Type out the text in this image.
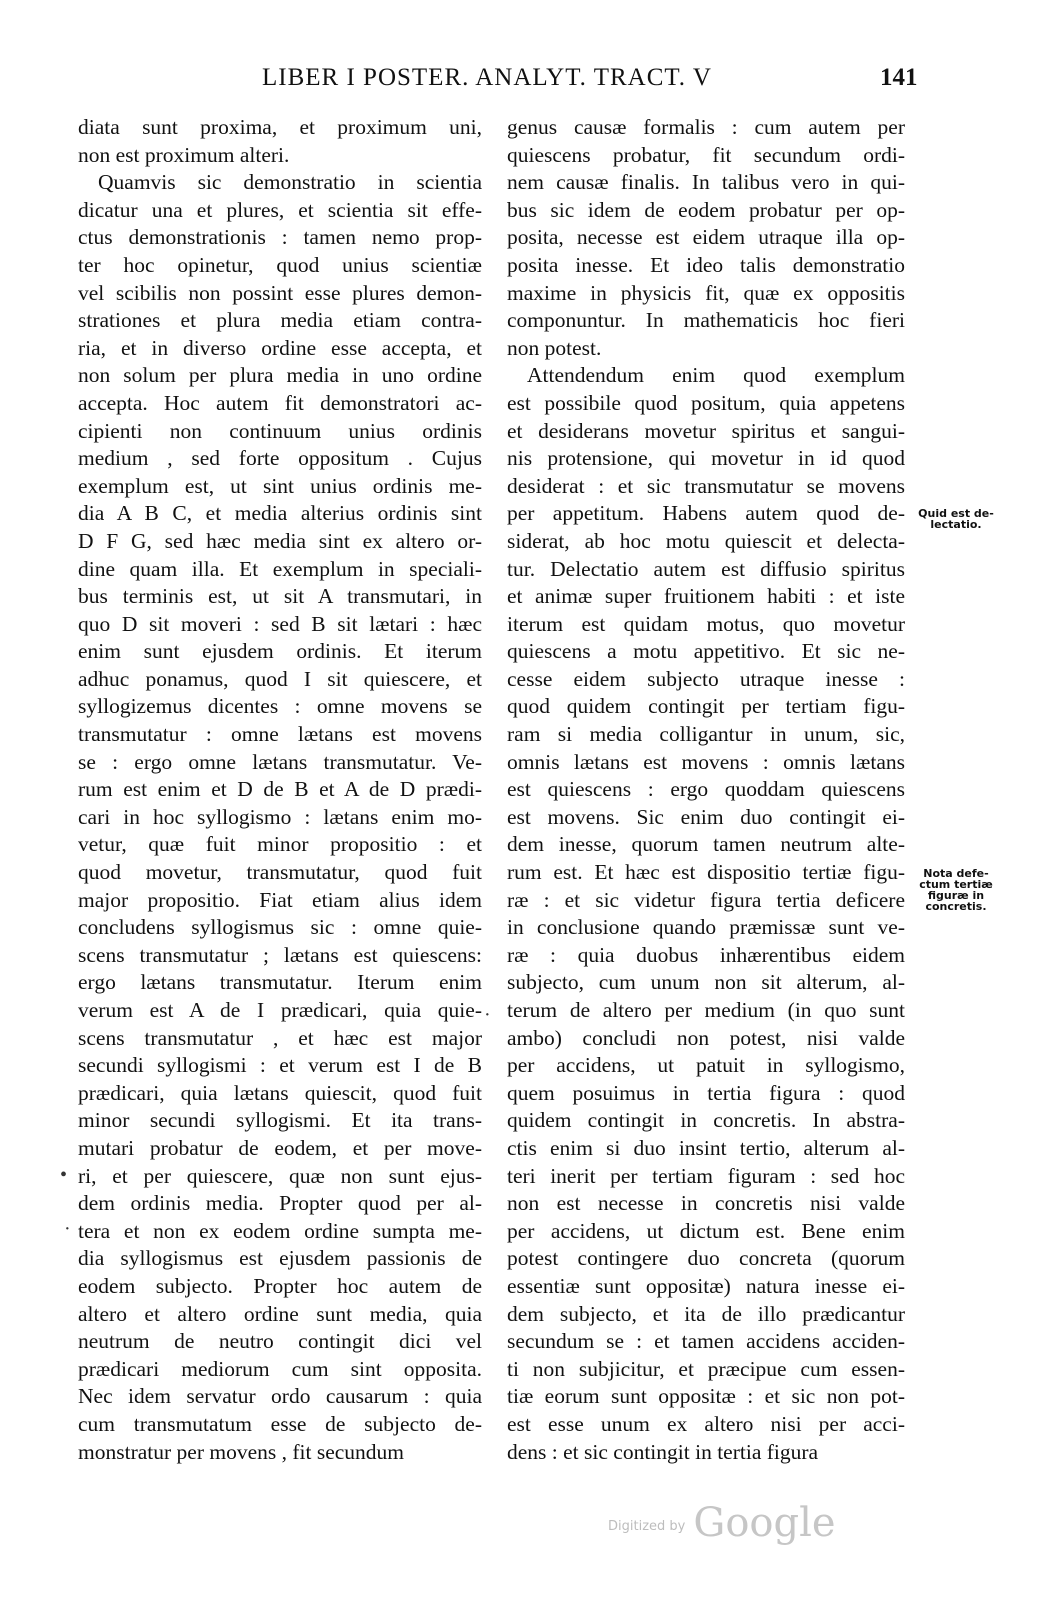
LIBER I POSTER. ANALYT. TRACT. V	141
diata sunt proxima, et proximum uni,
non est proximum alteri.
Quamvis sic demonstratio in scientia
dicatur una et plures, et scientia sit effe-
ctus demonstrationis : tamen nemo prop-
ter hoc opinetur, quod unius scientiæ
vel scibilis non possint esse plures demon-
strationes et plura media etiam contra-
ria, et in diverso ordine esse accepta, et
non solum per plura media in uno ordine
accepta. Hoc autem fit demonstratori ac-
cipienti non continuum unius ordinis
medium , sed forte oppositum . Cujus
exemplum est, ut sint unius ordinis me-
dia A B C, et media alterius ordinis sint
D F G, sed hæc media sint ex altero or-
dine quam illa. Et exemplum in speciali-
bus terminis est, ut sit A transmutari, in
quo D sit moveri : sed B sit lætari : hæc
enim sunt ejusdem ordinis. Et iterum
adhuc ponamus, quod I sit quiescere, et
syllogizemus dicentes : omne movens se
transmutatur : omne lætans est movens
se : ergo omne lætans transmutatur. Ve-
rum est enim et D de B et A de D prædi-
cari in hoc syllogismo : lætans enim mo-
vetur, quæ fuit minor propositio : et
quod movetur, transmutatur, quod fuit
major propositio. Fiat etiam alius idem
concludens syllogismus sic : omne quie-
scens transmutatur ; lætans est quiescens:
ergo lætans transmutatur. Iterum enim
verum est A de I prædicari, quia quie-
scens transmutatur , et hæc est major
secundi syllogismi : et verum est I de B
prædicari, quia lætans quiescit, quod fuit
minor secundi syllogismi. Et ita trans-
mutari probatur de eodem, et per move-
ri, et per quiescere, quæ non sunt ejus-
dem ordinis media. Propter quod per al-
tera et non ex eodem ordine sumpta me-
dia syllogismus est ejusdem passionis de
eodem subjecto. Propter hoc autem de
altero et altero ordine sunt media, quia
neutrum de neutro contingit dici vel
prædicari mediorum cum sint opposita.
Nec idem servatur ordo causarum : quia
cum transmutatum esse de subjecto de-
monstratur per movens , fit secundum
genus causæ formalis : cum autem per
quiescens probatur, fit secundum ordi-
nem causæ finalis. In talibus vero in qui-
bus sic idem de eodem probatur per op-
posita, necesse est eidem utraque illa op-
posita inesse. Et ideo talis demonstratio
maxime in physicis fit, quæ ex oppositis
componuntur. In mathematicis hoc fieri
non potest.
Attendendum enim quod exemplum
est possibile quod positum, quia appetens
et desiderans movetur spiritus et sangui-
nis protensione, qui movetur in id quod
desiderat : et sic transmutatur se movens
per appetitum. Habens autem quod de-
siderat, ab hoc motu quiescit et delecta-
tur. Delectatio autem est diffusio spiritus
et animæ super fruitionem habiti : et iste
iterum est quidam motus, quo movetur
quiescens a motu appetitivo. Et sic ne-
cesse eidem subjecto utraque inesse :
quod quidem contingit per tertiam figu-
ram si media colligantur in unum, sic,
omnis lætans est movens : omnis lætans
est quiescens : ergo quoddam quiescens
est movens. Sic enim duo contingit ei-
dem inesse, quorum tamen neutrum alte-
rum est. Et hæc est dispositio tertiæ figu-
ræ : et sic videtur figura tertia deficere
in conclusione quando præmissæ sunt ve-
ræ : quia duobus inhærentibus eidem
subjecto, cum unum non sit alterum, al-
terum de altero per medium (in quo sunt
ambo) concludi non potest, nisi valde
per accidens, ut patuit in syllogismo,
quem posuimus in tertia figura : quod
quidem contingit in concretis. In abstra-
ctis enim si duo insint tertio, alterum al-
teri inerit per tertiam figuram : sed hoc
non est necesse in concretis nisi valde
per accidens, ut dictum est. Bene enim
potest contingere duo concreta (quorum
essentiæ sunt oppositæ) natura inesse ei-
dem subjecto, et ita de illo prædicantur
secundum se : et tamen accidens acciden-
ti non subjicitur, et præcipue cum essen-
tiæ eorum sunt oppositæ : et sic non pot-
est esse unum ex altero nisi per acci-
dens : et sic contingit in tertia figura
Quid est de-
lectatio.
Nota defe-
ctum tertiæ
figuræ in
concretis.
•
·
·
$^{Digitized by}$ Google
